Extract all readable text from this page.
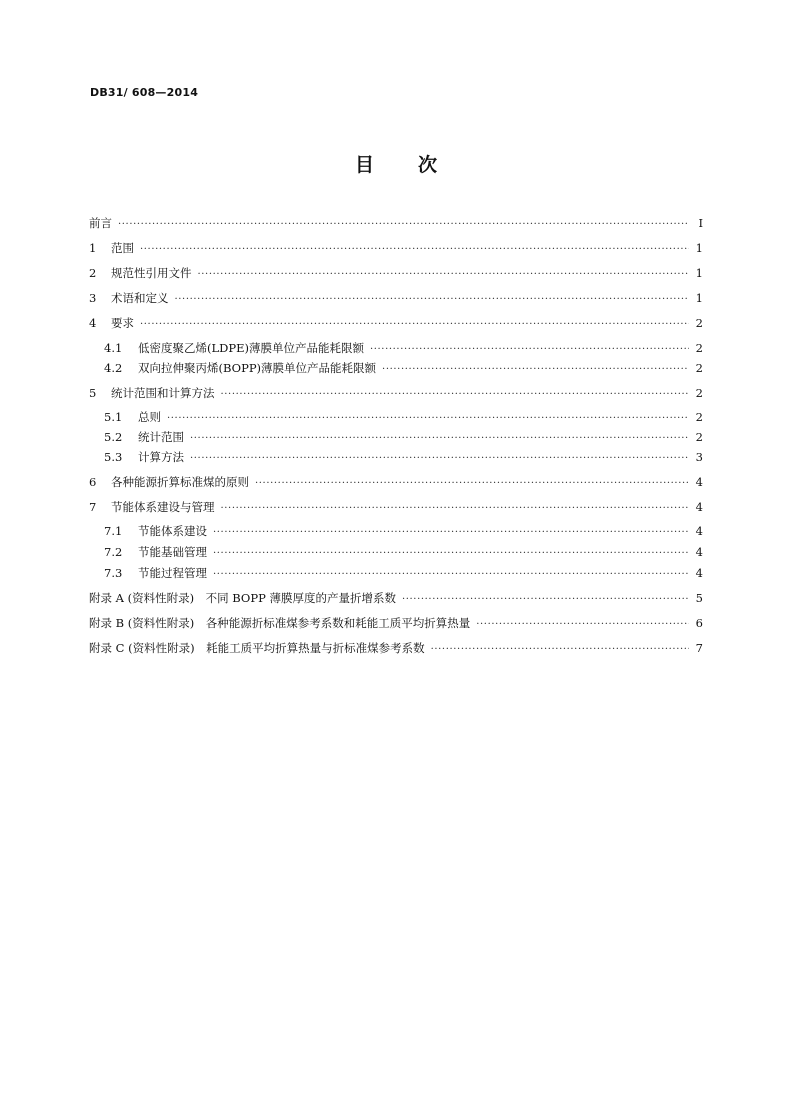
DB31/ 608—2014
目 次
前言 ·····	I
1	范围 ·····	1
2	规范性引用文件 ·····	1
3	术语和定义 ·····	1
4	要求 ·····	2
4.1	低密度聚乙烯(LDPE)薄膜单位产品能耗限额 ·····	2
4.2	双向拉伸聚丙烯(BOPP)薄膜单位产品能耗限额 ·····	2
5	统计范围和计算方法 ·····	2
5.1	总则 ·····	2
5.2	统计范围 ·····	2
5.3	计算方法 ·····	3
6	各种能源折算标准煤的原则 ·····	4
7	节能体系建设与管理 ·····	4
7.1	节能体系建设 ·····	4
7.2	节能基础管理 ·····	4
7.3	节能过程管理 ·····	4
附录 A (资料性附录)　不同 BOPP 薄膜厚度的产量折增系数 ·····	5
附录 B (资料性附录)　各种能源折标准煤参考系数和耗能工质平均折算热量 ·····	6
附录 C (资料性附录)　耗能工质平均折算热量与折标准煤参考系数 ·····	7
